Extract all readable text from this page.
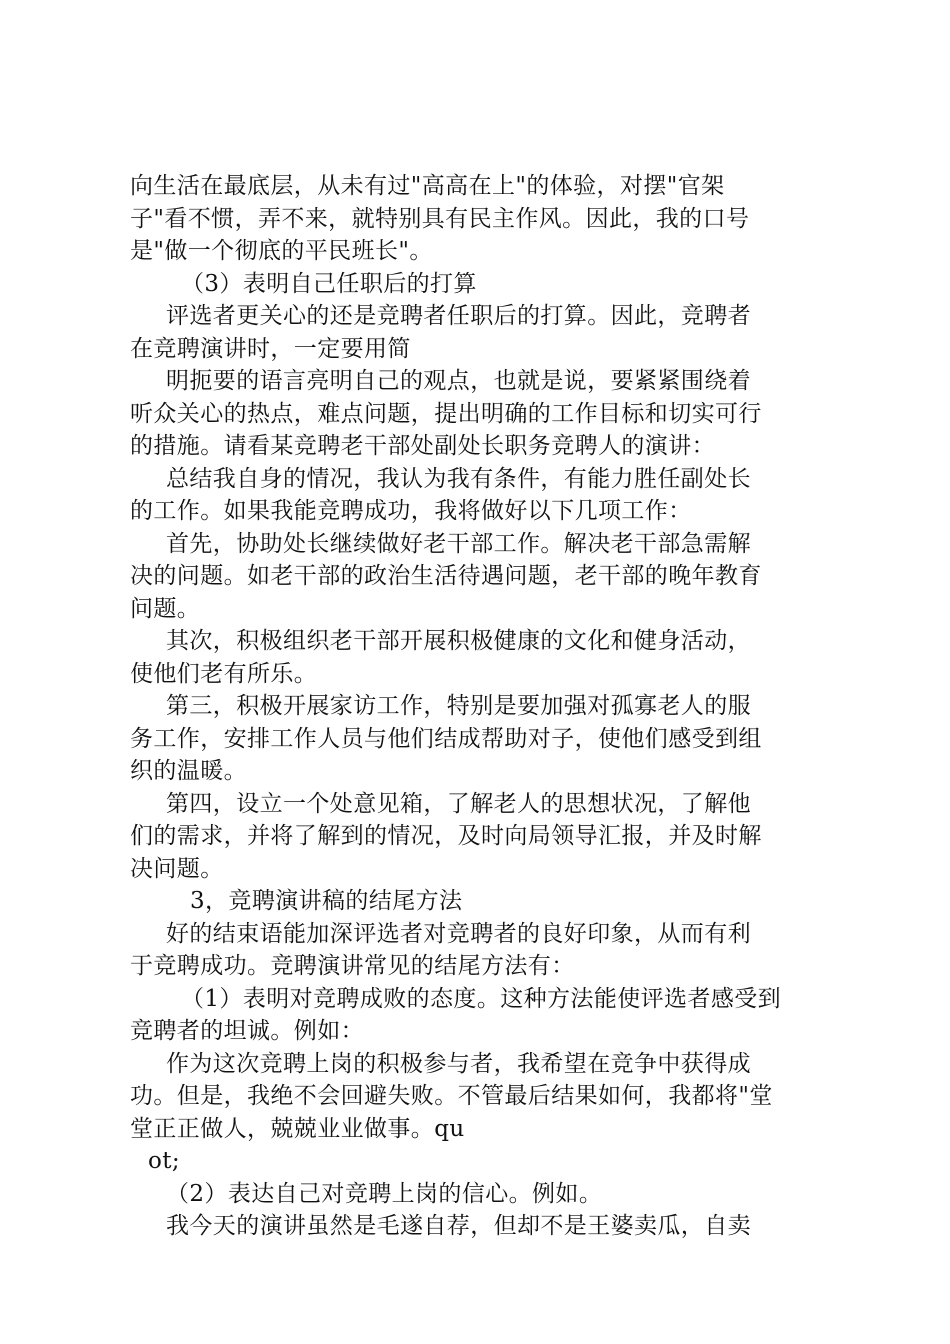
向生活在最底层，从未有过"高高在上"的体验，对摆"官架
子"看不惯，弄不来，就特别具有民主作风。因此，我的口号
是"做一个彻底的平民班长"。
（3）表明自己任职后的打算
评选者更关心的还是竞聘者任职后的打算。因此，竞聘者
在竞聘演讲时，一定要用简
明扼要的语言亮明自己的观点，也就是说，要紧紧围绕着
听众关心的热点，难点问题，提出明确的工作目标和切实可行
的措施。请看某竞聘老干部处副处长职务竞聘人的演讲：
总结我自身的情况，我认为我有条件，有能力胜任副处长
的工作。如果我能竞聘成功，我将做好以下几项工作：
首先，协助处长继续做好老干部工作。解决老干部急需解
决的问题。如老干部的政治生活待遇问题，老干部的晚年教育
问题。
其次，积极组织老干部开展积极健康的文化和健身活动，
使他们老有所乐。
第三，积极开展家访工作，特别是要加强对孤寡老人的服
务工作，安排工作人员与他们结成帮助对子，使他们感受到组
织的温暖。
第四，设立一个处意见箱，了解老人的思想状况，了解他
们的需求，并将了解到的情况，及时向局领导汇报，并及时解
决问题。
3，竞聘演讲稿的结尾方法
好的结束语能加深评选者对竞聘者的良好印象，从而有利
于竞聘成功。竞聘演讲常见的结尾方法有：
（1）表明对竞聘成败的态度。这种方法能使评选者感受到
竞聘者的坦诚。例如：
作为这次竞聘上岗的积极参与者，我希望在竞争中获得成
功。但是，我绝不会回避失败。不管最后结果如何，我都将"堂
堂正正做人，兢兢业业做事。qu
ot;
（2）表达自己对竞聘上岗的信心。例如。
我今天的演讲虽然是毛遂自荐，但却不是王婆卖瓜，自卖
